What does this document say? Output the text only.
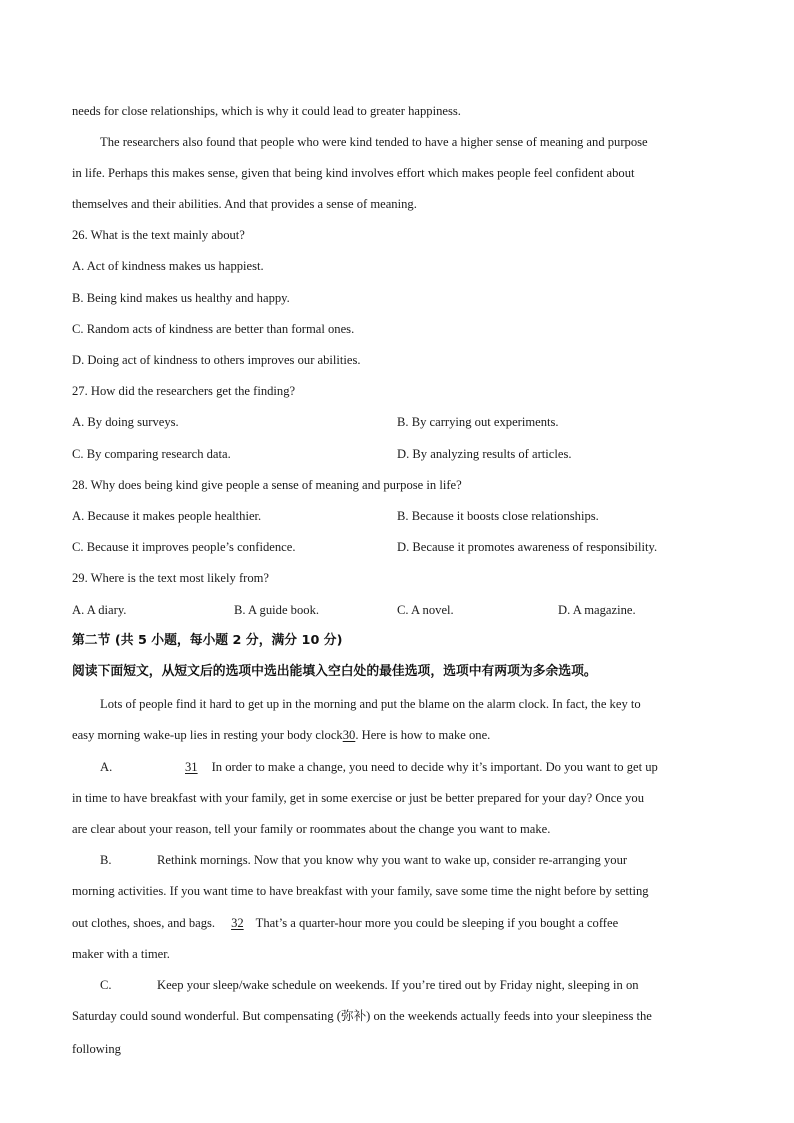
needs for close relationships, which is why it could lead to greater happiness.
The researchers also found that people who were kind tended to have a higher sense of meaning and purpose
in life. Perhaps this makes sense, given that being kind involves effort which makes people feel confident about
themselves and their abilities. And that provides a sense of meaning.
26. What is the text mainly about?
A. Act of kindness makes us happiest.
B. Being kind makes us healthy and happy.
C. Random acts of kindness are better than formal ones.
D. Doing act of kindness to others improves our abilities.
27. How did the researchers get the finding?
A. By doing surveys.	B. By carrying out experiments.
C. By comparing research data.	D. By analyzing results of articles.
28. Why does being kind give people a sense of meaning and purpose in life?
A. Because it makes people healthier.	B. Because it boosts close relationships.
C. Because it improves people’s confidence.	D. Because it promotes awareness of responsibility.
29. Where is the text most likely from?
A. A diary.	B. A guide book.	C. A novel.	D. A magazine.
第二节 (共 5 小题，每小题 2 分，满分 10 分)
阅读下面短文，从短文后的选项中选出能填入空白处的最佳选项，选项中有两项为多余选项。
Lots of people find it hard to get up in the morning and put the blame on the alarm clock. In fact, the key to
easy morning wake-up lies in resting your body clock30. Here is how to make one.
A.	31 In order to make a change, you need to decide why it’s important. Do you want to get up
in time to have breakfast with your family, get in some exercise or just be better prepared for your day? Once you
are clear about your reason, tell your family or roommates about the change you want to make.
B.	Rethink mornings. Now that you know why you want to wake up, consider re-arranging your
morning activities. If you want time to have breakfast with your family, save some time the night before by setting
out clothes, shoes, and bags. 32 That’s a quarter-hour more you could be sleeping if you bought a coffee
maker with a timer.
C.	Keep your sleep/wake schedule on weekends. If you’re tired out by Friday night, sleeping in on
Saturday could sound wonderful. But compensating (弥补) on the weekends actually feeds into your sleepiness the
following
